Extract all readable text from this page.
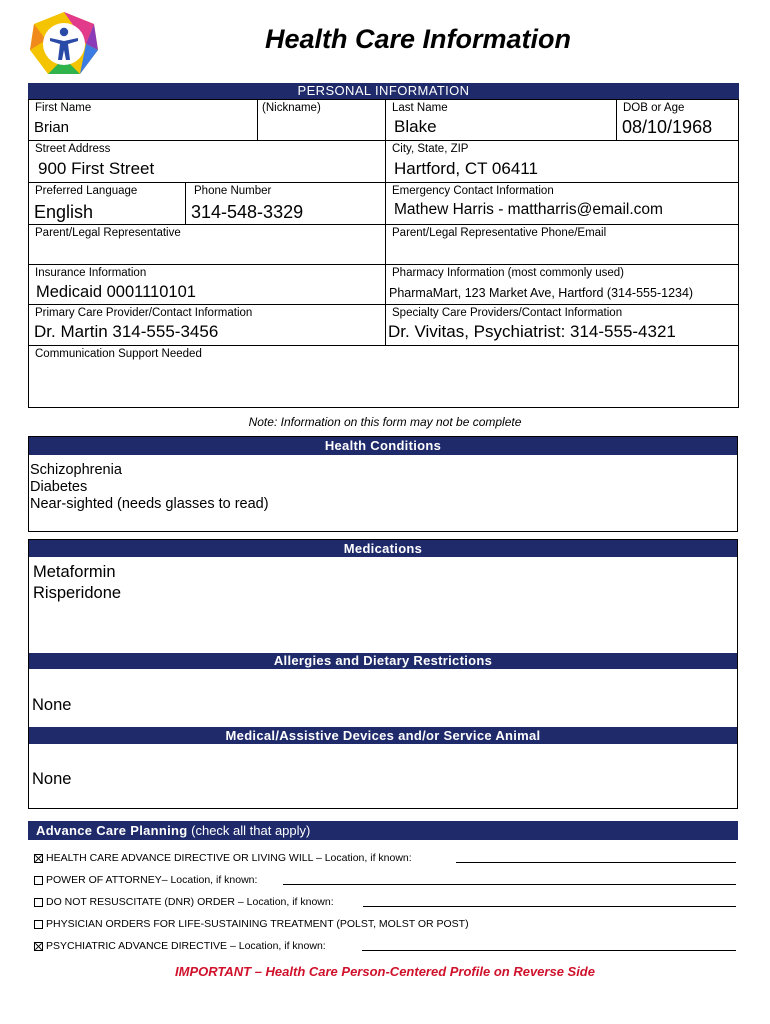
Health Care Information
PERSONAL INFORMATION
First Name
Brian
(Nickname)	Last Name
Blake
DOB or Age
08/10/1968
Street Address
900 First Street
City, State, ZIP
Hartford, CT 06411
Preferred Language
English
Phone Number
314-548-3329
Emergency Contact Information
Mathew Harris - mattharris@email.com
Parent/Legal Representative	Parent/Legal Representative Phone/Email
Insurance Information
Medicaid 0001110101
Pharmacy Information (most commonly used)
PharmaMart, 123 Market Ave, Hartford (314-555-1234)
Primary Care Provider/Contact Information
Dr. Martin 314-555-3456
Specialty Care Providers/Contact Information
Dr. Vivitas, Psychiatrist: 314-555-4321
Communication Support Needed
Note: Information on this form may not be complete
Health Conditions
Schizophrenia
Diabetes
Near-sighted (needs glasses to read)
Medications
Metaformin
Risperidone
Allergies and Dietary Restrictions
None
Medical/Assistive Devices and/or Service Animal
None
Advance Care Planning (check all that apply)
HEALTH CARE ADVANCE DIRECTIVE OR LIVING WILL – Location, if known:
POWER OF ATTORNEY– Location, if known:
DO NOT RESUSCITATE (DNR) ORDER – Location, if known:
PHYSICIAN ORDERS FOR LIFE-SUSTAINING TREATMENT (POLST, MOLST OR POST)
PSYCHIATRIC ADVANCE DIRECTIVE – Location, if known:
IMPORTANT – Health Care Person-Centered Profile on Reverse Side
